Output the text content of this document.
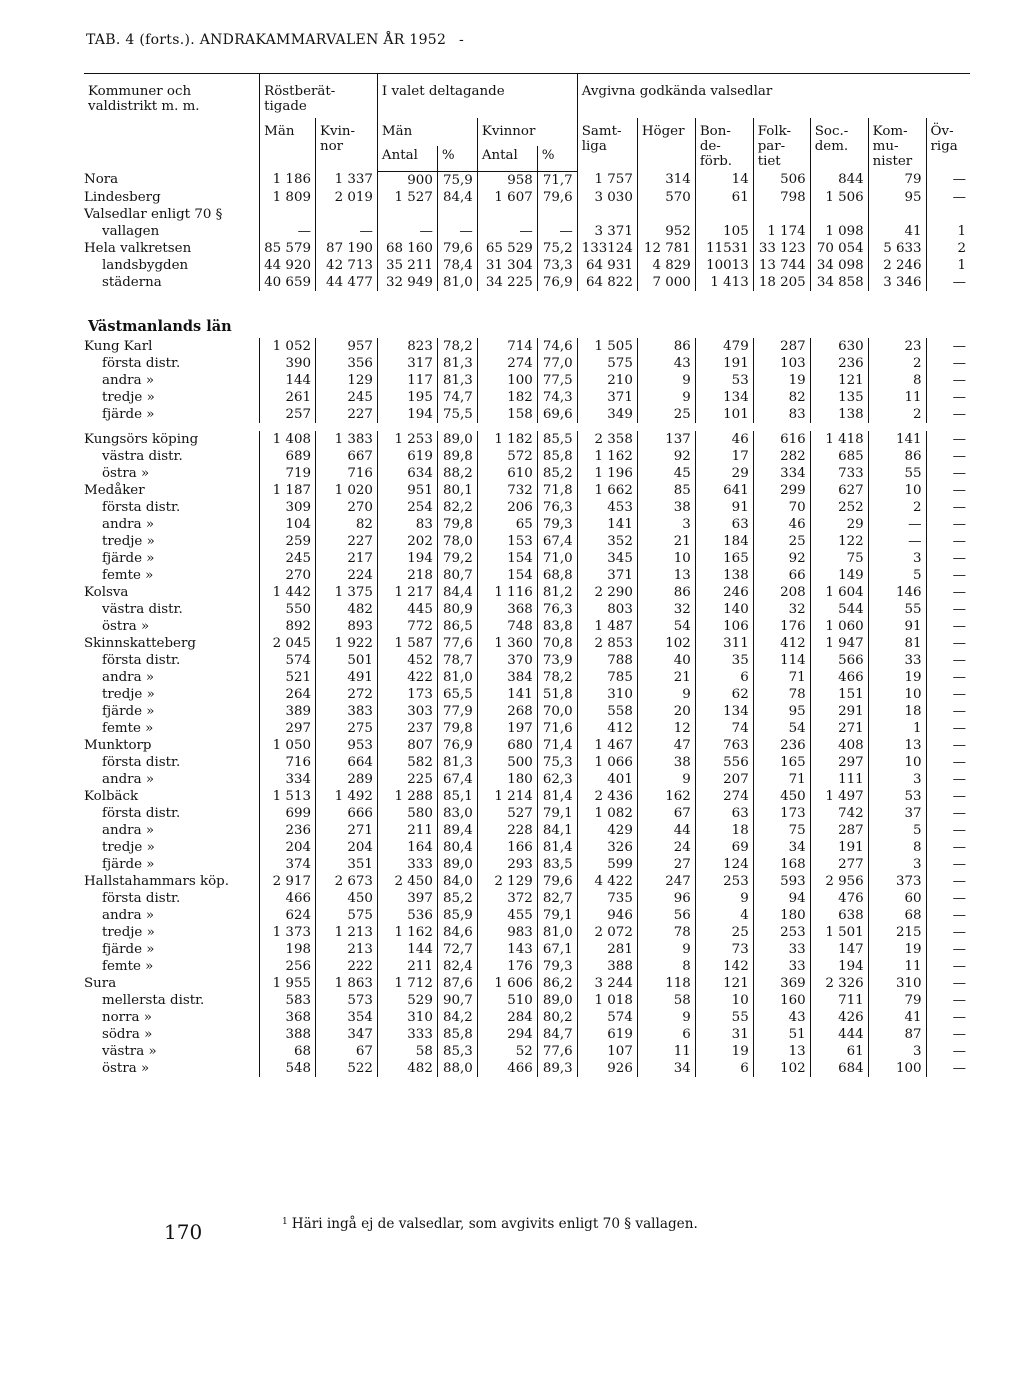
TAB. 4 (forts.). ANDRAKAMMARVALEN ÅR 1952 -
Kommuner och valdistrikt m. m.	Röstberät-tigade		I valet deltagande				Avgivna godkända valsedlar						
	Män	Kvin-nor	Män		Kvinnor		Samt-liga	Höger	Bon-de-förb.	Folk-par-tiet	Soc.-dem.	Kom-mu-nister	Öv-riga
			Antal	%	Antal	%							
Nora	1 186	1 337	900	75,9	958	71,7	1 757	314	14	506	844	79	—
Lindesberg	1 809	2 019	1 527	84,4	1 607	79,6	3 030	570	61	798	1 506	95	—
Valsedlar enligt 70 §													
vallagen	—	—	—	—	—	—	3 371	952	105	1 174	1 098	41	1
Hela valkretsen	85 579	87 190	68 160	79,6	65 529	75,2	133124	12 781	11531	33 123	70 054	5 633	2
landsbygden	44 920	42 713	35 211	78,4	31 304	73,3	64 931	4 829	10013	13 744	34 098	2 246	1
städerna	40 659	44 477	32 949	81,0	34 225	76,9	64 822	7 000	1 413	18 205	34 858	3 346	—
Västmanlands län													
Kung Karl	1 052	957	823	78,2	714	74,6	1 505	86	479	287	630	23	—
första distr.	390	356	317	81,3	274	77,0	575	43	191	103	236	2	—
andra »	144	129	117	81,3	100	77,5	210	9	53	19	121	8	—
tredje »	261	245	195	74,7	182	74,3	371	9	134	82	135	11	—
fjärde »	257	227	194	75,5	158	69,6	349	25	101	83	138	2	—

Kungsörs köping	1 408	1 383	1 253	89,0	1 182	85,5	2 358	137	46	616	1 418	141	—
västra distr.	689	667	619	89,8	572	85,8	1 162	92	17	282	685	86	—
östra »	719	716	634	88,2	610	85,2	1 196	45	29	334	733	55	—
Medåker	1 187	1 020	951	80,1	732	71,8	1 662	85	641	299	627	10	—
första distr.	309	270	254	82,2	206	76,3	453	38	91	70	252	2	—
andra »	104	82	83	79,8	65	79,3	141	3	63	46	29	—	—
tredje »	259	227	202	78,0	153	67,4	352	21	184	25	122	—	—
fjärde »	245	217	194	79,2	154	71,0	345	10	165	92	75	3	—
femte »	270	224	218	80,7	154	68,8	371	13	138	66	149	5	—
Kolsva	1 442	1 375	1 217	84,4	1 116	81,2	2 290	86	246	208	1 604	146	—
västra distr.	550	482	445	80,9	368	76,3	803	32	140	32	544	55	—
östra »	892	893	772	86,5	748	83,8	1 487	54	106	176	1 060	91	—
Skinnskatteberg	2 045	1 922	1 587	77,6	1 360	70,8	2 853	102	311	412	1 947	81	—
första distr.	574	501	452	78,7	370	73,9	788	40	35	114	566	33	—
andra »	521	491	422	81,0	384	78,2	785	21	6	71	466	19	—
tredje »	264	272	173	65,5	141	51,8	310	9	62	78	151	10	—
fjärde »	389	383	303	77,9	268	70,0	558	20	134	95	291	18	—
femte »	297	275	237	79,8	197	71,6	412	12	74	54	271	1	—
Munktorp	1 050	953	807	76,9	680	71,4	1 467	47	763	236	408	13	—
första distr.	716	664	582	81,3	500	75,3	1 066	38	556	165	297	10	—
andra »	334	289	225	67,4	180	62,3	401	9	207	71	111	3	—
Kolbäck	1 513	1 492	1 288	85,1	1 214	81,4	2 436	162	274	450	1 497	53	—
första distr.	699	666	580	83,0	527	79,1	1 082	67	63	173	742	37	—
andra »	236	271	211	89,4	228	84,1	429	44	18	75	287	5	—
tredje »	204	204	164	80,4	166	81,4	326	24	69	34	191	8	—
fjärde »	374	351	333	89,0	293	83,5	599	27	124	168	277	3	—
Hallstahammars köp.	2 917	2 673	2 450	84,0	2 129	79,6	4 422	247	253	593	2 956	373	—
första distr.	466	450	397	85,2	372	82,7	735	96	9	94	476	60	—
andra »	624	575	536	85,9	455	79,1	946	56	4	180	638	68	—
tredje »	1 373	1 213	1 162	84,6	983	81,0	2 072	78	25	253	1 501	215	—
fjärde »	198	213	144	72,7	143	67,1	281	9	73	33	147	19	—
femte »	256	222	211	82,4	176	79,3	388	8	142	33	194	11	—
Sura	1 955	1 863	1 712	87,6	1 606	86,2	3 244	118	121	369	2 326	310	—
mellersta distr.	583	573	529	90,7	510	89,0	1 018	58	10	160	711	79	—
norra »	368	354	310	84,2	284	80,2	574	9	55	43	426	41	—
södra »	388	347	333	85,8	294	84,7	619	6	31	51	444	87	—
västra »	68	67	58	85,3	52	77,6	107	11	19	13	61	3	—
östra »	548	522	482	88,0	466	89,3	926	34	6	102	684	100	—
170	$^1$ Häri ingå ej de valsedlar, som avgivits enligt 70 § vallagen.
